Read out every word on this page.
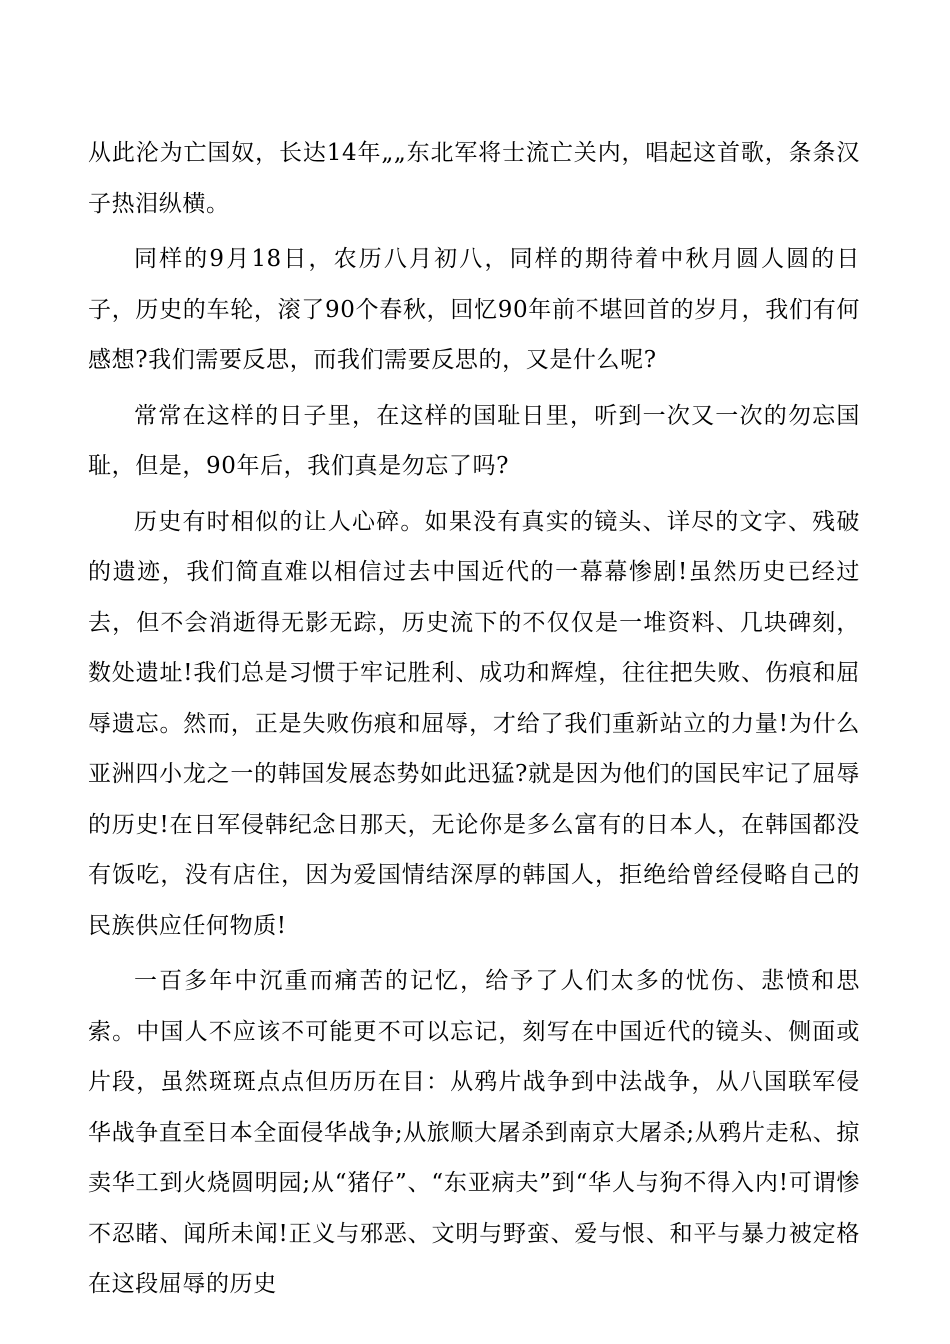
从此沦为亡国奴，长达14年„„东北军将士流亡关内，唱起这首歌，条条汉子热泪纵横。

同样的9月18日，农历八月初八，同样的期待着中秋月圆人圆的日子，历史的车轮，滚了90个春秋，回忆90年前不堪回首的岁月，我们有何感想?我们需要反思，而我们需要反思的，又是什么呢?

常常在这样的日子里，在这样的国耻日里，听到一次又一次的勿忘国耻，但是，90年后，我们真是勿忘了吗?

历史有时相似的让人心碎。如果没有真实的镜头、详尽的文字、残破的遗迹，我们简直难以相信过去中国近代的一幕幕惨剧!虽然历史已经过去，但不会消逝得无影无踪，历史流下的不仅仅是一堆资料、几块碑刻，数处遗址!我们总是习惯于牢记胜利、成功和辉煌，往往把失败、伤痕和屈辱遗忘。然而，正是失败伤痕和屈辱，才给了我们重新站立的力量!为什么亚洲四小龙之一的韩国发展态势如此迅猛?就是因为他们的国民牢记了屈辱的历史!在日军侵韩纪念日那天，无论你是多么富有的日本人，在韩国都没有饭吃，没有店住，因为爱国情结深厚的韩国人，拒绝给曾经侵略自己的民族供应任何物质!

一百多年中沉重而痛苦的记忆，给予了人们太多的忧伤、悲愤和思索。中国人不应该不可能更不可以忘记，刻写在中国近代的镜头、侧面或片段，虽然斑斑点点但历历在目：从鸦片战争到中法战争，从八国联军侵华战争直至日本全面侵华战争;从旅顺大屠杀到南京大屠杀;从鸦片走私、掠卖华工到火烧圆明园;从“猪仔”、“东亚病夫”到“华人与狗不得入内!可谓惨不忍睹、闻所未闻!正义与邪恶、文明与野蛮、爱与恨、和平与暴力被定格在这段屈辱的历史
